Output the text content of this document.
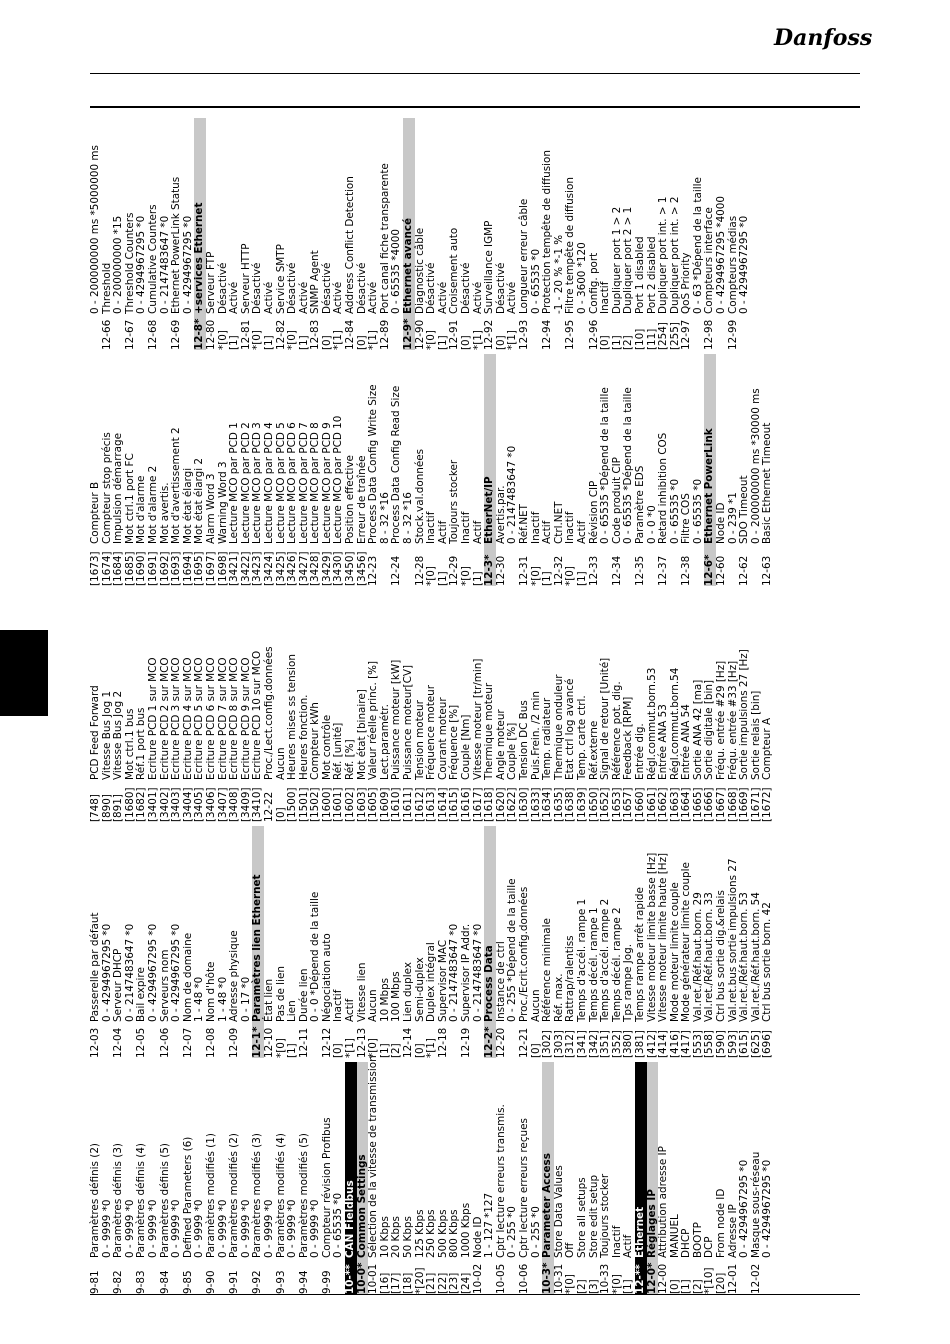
Danfoss
9-81
Paramètres définis (2) 0 - 9999 *0
9-82
Paramètres définis (3) 0 - 9999 *0
9-83
Paramètres définis (4) 0 - 9999 *0
9-84
Paramètres définis (5) 0 - 9999 *0
9-85
Defined Parameters (6) 0 - 9999 *0
9-90
Paramètres modifiés (1) 0 - 9999 *0
9-91
Paramètres modifiés (2) 0 - 9999 *0
9-92
Paramètres modifiés (3) 0 - 9999 *0
9-93
Paramètres modifiés (4) 0 - 9999 *0
9-94
Paramètres modifiés (5) 0 - 9999 *0
9-99
Compteur révision Profibus 0 - 65535 *0
10-**
CAN Fieldbus
10-0*
Common Settings
10-01
Sélection de la vitesse de transmission
[16]
10 Kbps
[17]
20 Kbps
[18]
50 Kbps
*[20]
125 Kbps
[21]
250 Kbps
[22]
500 Kbps
[23]
800 Kbps
[24]
1000 Kbps
10-02
Node ID 1 - 127 *127
10-05
Cptr lecture erreurs transmis. 0 - 255 *0
10-06
Cptr lecture erreurs reçues 0 - 255 *0
10-3*
Parameter Access
10-31
Store Data Values
*[0]
Off
[2]
Store all setups
[3]
Store edit setup
10-33
Toujours stocker
*[0]
Inactif
[1]
Actif
12-**
Ethernet
12-0*
Réglages IP
12-00
Attribution adresse IP
[0]
MANUEL
[1]
DHCP
[2]
BOOTP
*[10]
DCP
[20]
From node ID
12-01
Adresse IP 0 - 4294967295 *0
12-02
Masque sous-réseau 0 - 4294967295 *0
12-03
Passerelle par défaut 0 - 4294967295 *0
12-04
Serveur DHCP 0 - 2147483647 *0
12-05
Bail expire 0 - 4294967295 *0
12-06
Serveurs nom 0 - 4294967295 *0
12-07
Nom de domaine 1 - 48 *0
12-08
Nom d'hôte 1 - 48 *0
12-09
Adresse physique 0 - 17 *0
12-1*
Paramètres lien Ethernet
12-10
État lien
*[0]
Pas de lien
[1]
Lien
12-11
Durée lien 0 - 0 *Dépend de la taille
12-12
Négociation auto
[0]
Inactif
*[1]
Actif
12-13
Vitesse lien
*[0]
Aucun
[1]
10 Mbps
[2]
100 Mbps
12-14
Lien duplex
[0]
Semi-duplex
*[1]
Duplex intégral
12-18
Supervisor MAC 0 - 2147483647 *0
12-19
Supervisor IP Addr. 0 - 2147483647 *0
12-2*
Process Data
12-20
Instance de ctrl 0 - 255 *Dépend de la taille
12-21
Proc./Ecrit.config.données
[0]
Aucun
[302]
Référence minimale
[303]
Réf. max.
[312]
Rattrap/ralentiss
[341]
Temps d'accél. rampe 1
[342]
Temps décél. rampe 1
[351]
Temps d'accél. rampe 2
[352]
Temps décél. rampe 2
[380]
Tps rampe Jog.
[381]
Temps rampe arrêt rapide
[412]
Vitesse moteur limite basse [Hz]
[414]
Vitesse moteur limite haute [Hz]
[416]
Mode moteur limite couple
[417]
Mode générateur limite couple
[553]
Val.ret./Réf.haut.born. 29
[558]
Val.ret./Réf.haut.born. 33
[590]
Ctrl bus sortie dig.&relais
[593]
Val.ret.bus sortie impulsions 27
[615]
Val.ret./Réf.haut.born. 53
[625]
Val.ret./Réf.haut.born. 54
[696]
Ctrl bus sortie born. 42
[748]
PCD Feed Forward
[890]
Vitesse Bus Jog 1
[891]
Vitesse Bus Jog 2
[1680]
Mot ctrl.1 bus
[1682]
Réf.1 port bus
[3401]
Ecriture PCD 1 sur MCO
[3402]
Ecriture PCD 2 sur MCO
[3403]
Ecriture PCD 3 sur MCO
[3404]
Ecriture PCD 4 sur MCO
[3405]
Ecriture PCD 5 sur MCO
[3406]
Ecriture PCD 6 sur MCO
[3407]
Ecriture PCD 7 sur MCO
[3408]
Ecriture PCD 8 sur MCO
[3409]
Ecriture PCD 9 sur MCO
[3410]
Ecriture PCD 10 sur MCO
12-22
Proc./Lect.config.données
[0]
Aucun
[1500]
Heures mises ss tension
[1501]
Heures fonction.
[1502]
Compteur kWh
[1600]
Mot contrôle
[1601]
Réf. [unité]
[1602]
Réf. [%]
[1603]
Mot état [binaire]
[1605]
Valeur réelle princ. [%]
[1609]
Lect.paramétr.
[1610]
Puissance moteur [kW]
[1611]
Puissance moteur[CV]
[1612]
Tension moteur
[1613]
Fréquence moteur
[1614]
Courant moteur
[1615]
Fréquence [%]
[1616]
Couple [Nm]
[1617]
Vitesse moteur [tr/min]
[1618]
Thermique moteur
[1620]
Angle moteur
[1622]
Couple [%]
[1630]
Tension DC Bus
[1633]
Puis.Frein. /2 min
[1634]
Temp. radiateur
[1635]
Thermique onduleur
[1638]
Etat ctrl log avancé
[1639]
Temp. carte ctrl.
[1650]
Réf.externe
[1652]
Signal de retour [Unité]
[1653]
Référence pot. dig.
[1657]
Feedback [RPM]
[1660]
Entrée dig.
[1661]
Régl.commut.born.53
[1662]
Entrée ANA 53
[1663]
Régl.commut.born.54
[1664]
Entrée ANA 54
[1665]
Sortie ANA 42 [ma]
[1666]
Sortie digitale [bin]
[1667]
Fréqu. entrée #29 [Hz]
[1668]
Fréqu. entrée #33 [Hz]
[1669]
Sortie impulsions 27 [Hz]
[1671]
Sortie relais [bin]
[1672]
Compteur A
[1673]
Compteur B
[1674]
Compteur stop précis
[1684]
Impulsion démarrage
[1685]
Mot ctrl.1 port FC
[1690]
Mot d'alarme
[1691]
Mot d'alarme 2
[1692]
Mot avertis.
[1693]
Mot d'avertissement 2
[1694]
Mot état élargi
[1695]
Mot état élargi 2
[1697]
Alarm Word 3
[1698]
Warning Word 3
[3421]
Lecture MCO par PCD 1
[3422]
Lecture MCO par PCD 2
[3423]
Lecture MCO par PCD 3
[3424]
Lecture MCO par PCD 4
[3425]
Lecture MCO par PCD 5
[3426]
Lecture MCO par PCD 6
[3427]
Lecture MCO par PCD 7
[3428]
Lecture MCO par PCD 8
[3429]
Lecture MCO par PCD 9
[3430]
Lecture MCO par PCD 10
[3450]
Position effective
[3456]
Erreur de traînée
12-23
Process Data Config Write Size 8 - 32 *16
12-24
Process Data Config Read Size 8 - 32 *16
12-28
Stock.val.données
*[0]
Inactif
[1]
Actif
12-29
Toujours stocker
*[0]
Inactif
[1]
Actif
12-3*
EtherNet/IP
12-30
Avertis.par. 0 - 2147483647 *0
12-31
Réf.NET
*[0]
Inactif
[1]
Actif
12-32
Ctrl.NET
*[0]
Inactif
[1]
Actif
12-33
Révision CIP 0 - 65535 *Dépend de la taille
12-34
Code produit CIP 0 - 65535 *Dépend de la taille
12-35
Paramètre EDS 0 - 0 *0
12-37
Retard inhibition COS 0 - 65535 *0
12-38
Filtre COS 0 - 65535 *0
12-6*
Ethernet PowerLink
12-60
Node ID 0 - 239 *1
12-62
SDO Timeout 0 - 200000000 ms *30000 ms
12-63
Basic Ethernet Timeout
0 - 200000000 ms *5000000 ms
12-66
Threshold 0 - 200000000 *15
12-67
Threshold Counters 0 - 4294967295 *0
12-68
Cumulative Counters 0 - 2147483647 *0
12-69
Ethernet PowerLink Status 0 - 4294967295 *0
12-8*
+services Ethernet
12-80
Serveur FTP
*[0]
Désactivé
[1]
Activé
12-81
Serveur HTTP
*[0]
Désactivé
[1]
Activé
12-82
Service SMTP
*[0]
Désactivé
[1]
Activé
12-83
SNMP Agent
[0]
Désactivé
*[1]
Activé
12-84
Address Conflict Detection
[0]
Désactivé
*[1]
Activé
12-89
Port canal fiche transparente 0 - 65535 *4000
12-9*
Ethernet avancé
12-90
Diagnostic câble
*[0]
Désactivé
[1]
Activé
12-91
Croisement auto
[0]
Désactivé
*[1]
Activé
12-92
Surveillance IGMP
[0]
Désactivé
*[1]
Activé
12-93
Longueur erreur câble 0 - 65535 *0
12-94
Protection tempête de diffusion -1 - 20 % *-1 %
12-95
Filtre tempête de diffusion 0 - 3600 *120
12-96
Config. port
[0]
Inactif
[1]
Dupliquer port 1 > 2
[2]
Dupliquer port 2 > 1
[10]
Port 1 disabled
[11]
Port 2 disabled
[254]
Dupliquer port int. > 1
[255]
Dupliquer port int. > 2
12-97
QoS Priority 0 - 63 *Dépend de la taille
12-98
Compteurs interface 0 - 4294967295 *4000
12-99
Compteurs médias 0 - 4294967295 *0
